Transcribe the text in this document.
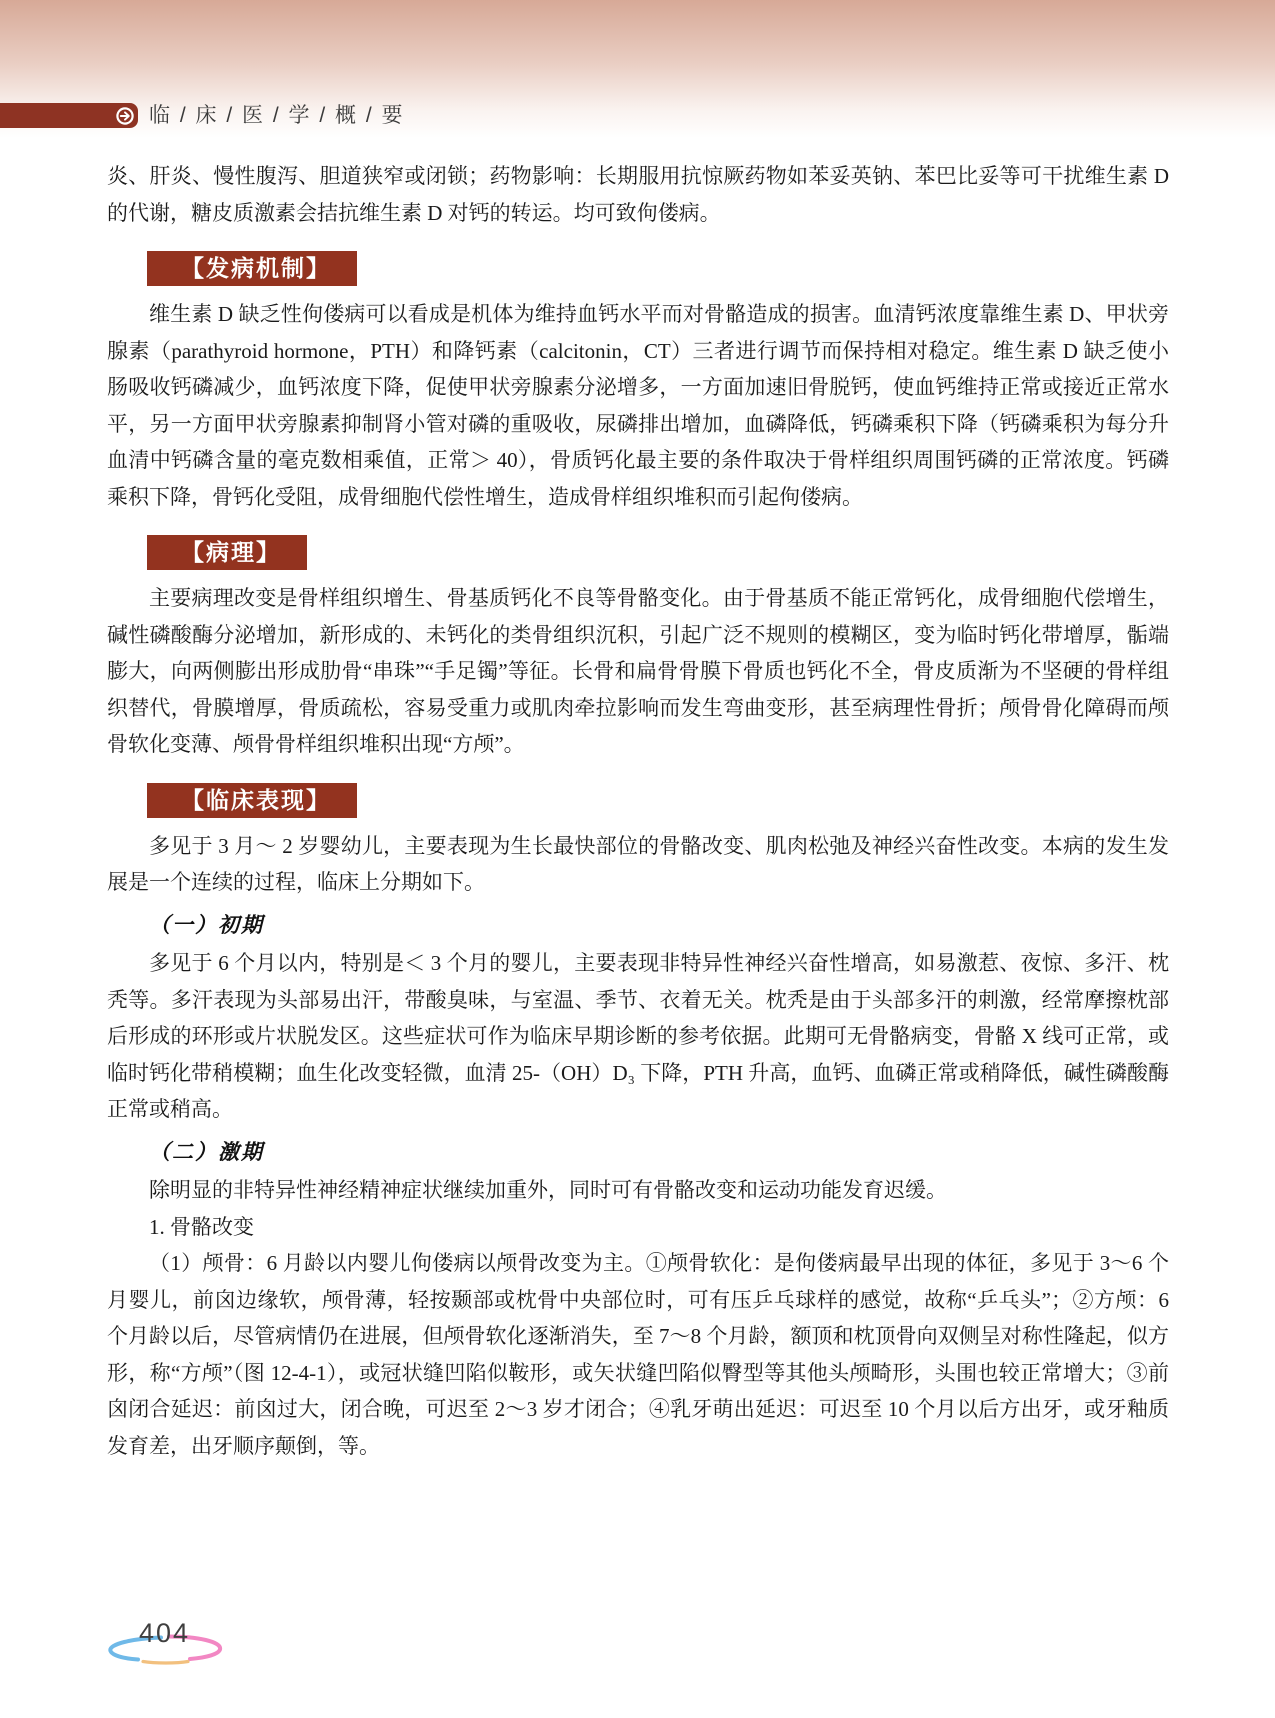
临 / 床 / 医 / 学 / 概 / 要

炎、肝炎、慢性腹泻、胆道狭窄或闭锁；药物影响：长期服用抗惊厥药物如苯妥英钠、苯巴比妥等可干扰维生素 D 的代谢，糖皮质激素会拮抗维生素 D 对钙的转运。均可致佝偻病。

【发病机制】

维生素 D 缺乏性佝偻病可以看成是机体为维持血钙水平而对骨骼造成的损害。血清钙浓度靠维生素 D、甲状旁腺素（parathyroid hormone，PTH）和降钙素（calcitonin，CT）三者进行调节而保持相对稳定。维生素 D 缺乏使小肠吸收钙磷减少，血钙浓度下降，促使甲状旁腺素分泌增多，一方面加速旧骨脱钙，使血钙维持正常或接近正常水平，另一方面甲状旁腺素抑制肾小管对磷的重吸收，尿磷排出增加，血磷降低，钙磷乘积下降（钙磷乘积为每分升血清中钙磷含量的毫克数相乘值，正常＞ 40），骨质钙化最主要的条件取决于骨样组织周围钙磷的正常浓度。钙磷乘积下降，骨钙化受阻，成骨细胞代偿性增生，造成骨样组织堆积而引起佝偻病。

【病理】

主要病理改变是骨样组织增生、骨基质钙化不良等骨骼变化。由于骨基质不能正常钙化，成骨细胞代偿增生，碱性磷酸酶分泌增加，新形成的、未钙化的类骨组织沉积，引起广泛不规则的模糊区，变为临时钙化带增厚，骺端膨大，向两侧膨出形成肋骨“串珠”“手足镯”等征。长骨和扁骨骨膜下骨质也钙化不全，骨皮质渐为不坚硬的骨样组织替代，骨膜增厚，骨质疏松，容易受重力或肌肉牵拉影响而发生弯曲变形，甚至病理性骨折；颅骨骨化障碍而颅骨软化变薄、颅骨骨样组织堆积出现“方颅”。

【临床表现】

多见于 3 月～ 2 岁婴幼儿，主要表现为生长最快部位的骨骼改变、肌肉松弛及神经兴奋性改变。本病的发生发展是一个连续的过程，临床上分期如下。

（一）初期

多见于 6 个月以内，特别是＜ 3 个月的婴儿，主要表现非特异性神经兴奋性增高，如易激惹、夜惊、多汗、枕秃等。多汗表现为头部易出汗，带酸臭味，与室温、季节、衣着无关。枕秃是由于头部多汗的刺激，经常摩擦枕部后形成的环形或片状脱发区。这些症状可作为临床早期诊断的参考依据。此期可无骨骼病变，骨骼 X 线可正常，或临时钙化带稍模糊；血生化改变轻微，血清 25-（OH）D₃ 下降，PTH 升高，血钙、血磷正常或稍降低，碱性磷酸酶正常或稍高。

（二）激期

除明显的非特异性神经精神症状继续加重外，同时可有骨骼改变和运动功能发育迟缓。

1. 骨骼改变

（1）颅骨：6 月龄以内婴儿佝偻病以颅骨改变为主。①颅骨软化：是佝偻病最早出现的体征，多见于 3～6 个月婴儿，前囟边缘软，颅骨薄，轻按颞部或枕骨中央部位时，可有压乒乓球样的感觉，故称“乒乓头”；②方颅：6 个月龄以后，尽管病情仍在进展，但颅骨软化逐渐消失，至 7～8 个月龄，额顶和枕顶骨向双侧呈对称性隆起，似方形，称“方颅”（图 12-4-1），或冠状缝凹陷似鞍形，或矢状缝凹陷似臀型等其他头颅畸形，头围也较正常增大；③前囟闭合延迟：前囟过大，闭合晚，可迟至 2～3 岁才闭合；④乳牙萌出延迟：可迟至 10 个月以后方出牙，或牙釉质发育差，出牙顺序颠倒，等。

404
